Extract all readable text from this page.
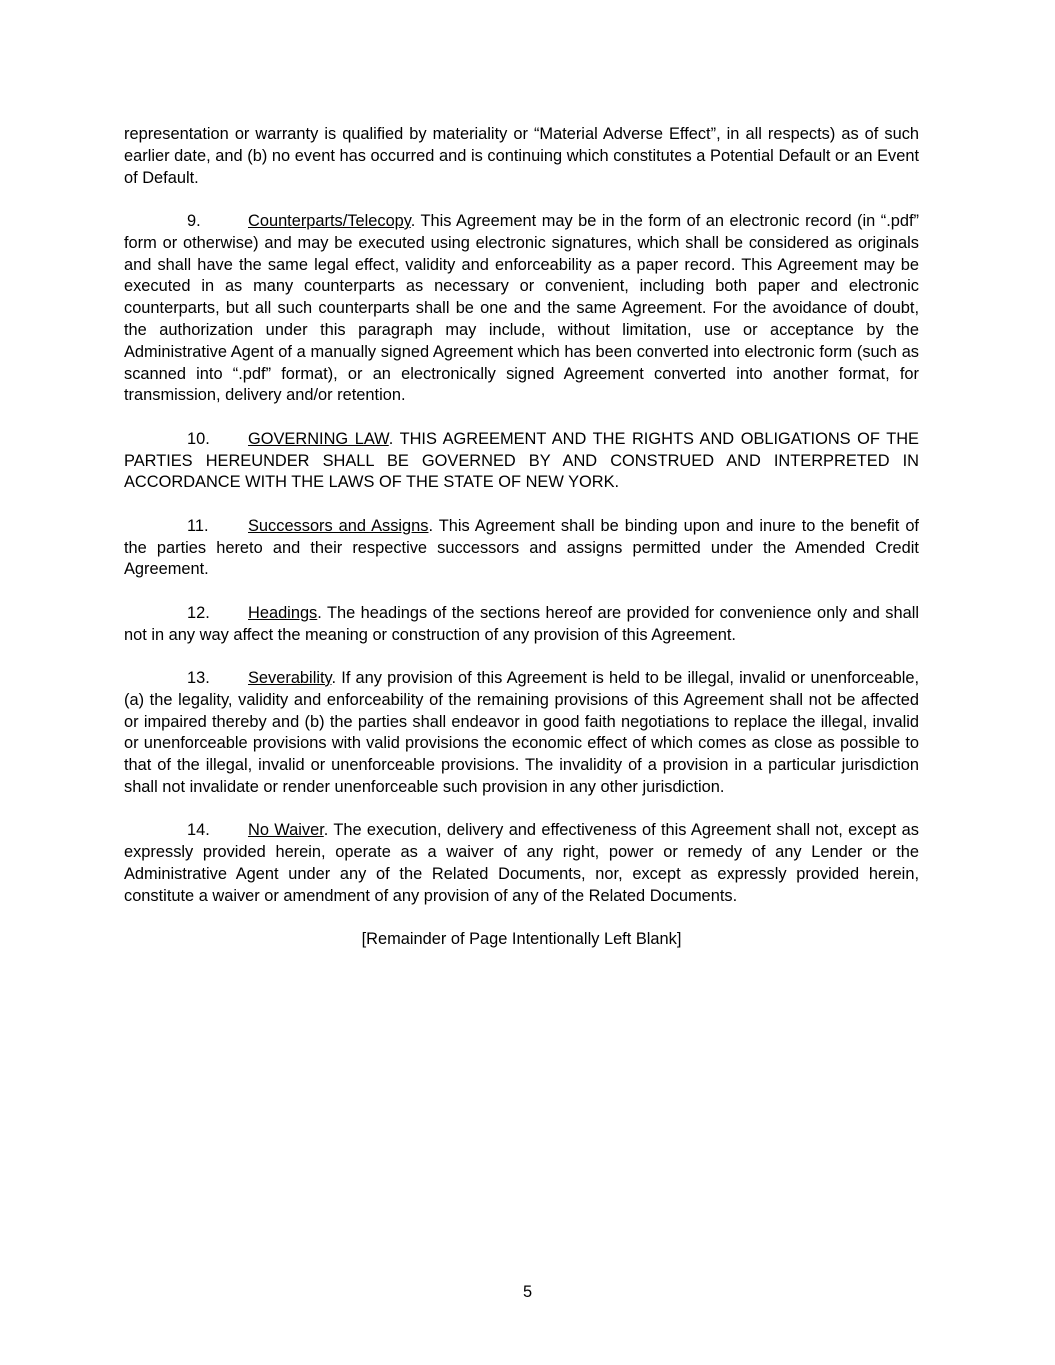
representation or warranty is qualified by materiality or “Material Adverse Effect”, in all respects) as of such earlier date, and (b) no event has occurred and is continuing which constitutes a Potential Default or an Event of Default.

9.	Counterparts/Telecopy. This Agreement may be in the form of an electronic record (in “.pdf” form or otherwise) and may be executed using electronic signatures, which shall be considered as originals and shall have the same legal effect, validity and enforceability as a paper record. This Agreement may be executed in as many counterparts as necessary or convenient, including both paper and electronic counterparts, but all such counterparts shall be one and the same Agreement. For the avoidance of doubt, the authorization under this paragraph may include, without limitation, use or acceptance by the Administrative Agent of a manually signed Agreement which has been converted into electronic form (such as scanned into “.pdf” format), or an electronically signed Agreement converted into another format, for transmission, delivery and/or retention.

10. GOVERNING LAW. THIS AGREEMENT AND THE RIGHTS AND OBLIGATIONS OF THE PARTIES HEREUNDER SHALL BE GOVERNED BY AND CONSTRUED AND INTERPRETED IN ACCORDANCE WITH THE LAWS OF THE STATE OF NEW YORK.

11. Successors and Assigns. This Agreement shall be binding upon and inure to the benefit of the parties hereto and their respective successors and assigns permitted under the Amended Credit Agreement.

12. Headings. The headings of the sections hereof are provided for convenience only and shall not in any way affect the meaning or construction of any provision of this Agreement.

13. Severability. If any provision of this Agreement is held to be illegal, invalid or unenforceable, (a) the legality, validity and enforceability of the remaining provisions of this Agreement shall not be affected or impaired thereby and (b) the parties shall endeavor in good faith negotiations to replace the illegal, invalid or unenforceable provisions with valid provisions the economic effect of which comes as close as possible to that of the illegal, invalid or unenforceable provisions. The invalidity of a provision in a particular jurisdiction shall not invalidate or render unenforceable such provision in any other jurisdiction.

14. No Waiver. The execution, delivery and effectiveness of this Agreement shall not, except as expressly provided herein, operate as a waiver of any right, power or remedy of any Lender or the Administrative Agent under any of the Related Documents, nor, except as expressly provided herein, constitute a waiver or amendment of any provision of any of the Related Documents.

[Remainder of Page Intentionally Left Blank]

5
